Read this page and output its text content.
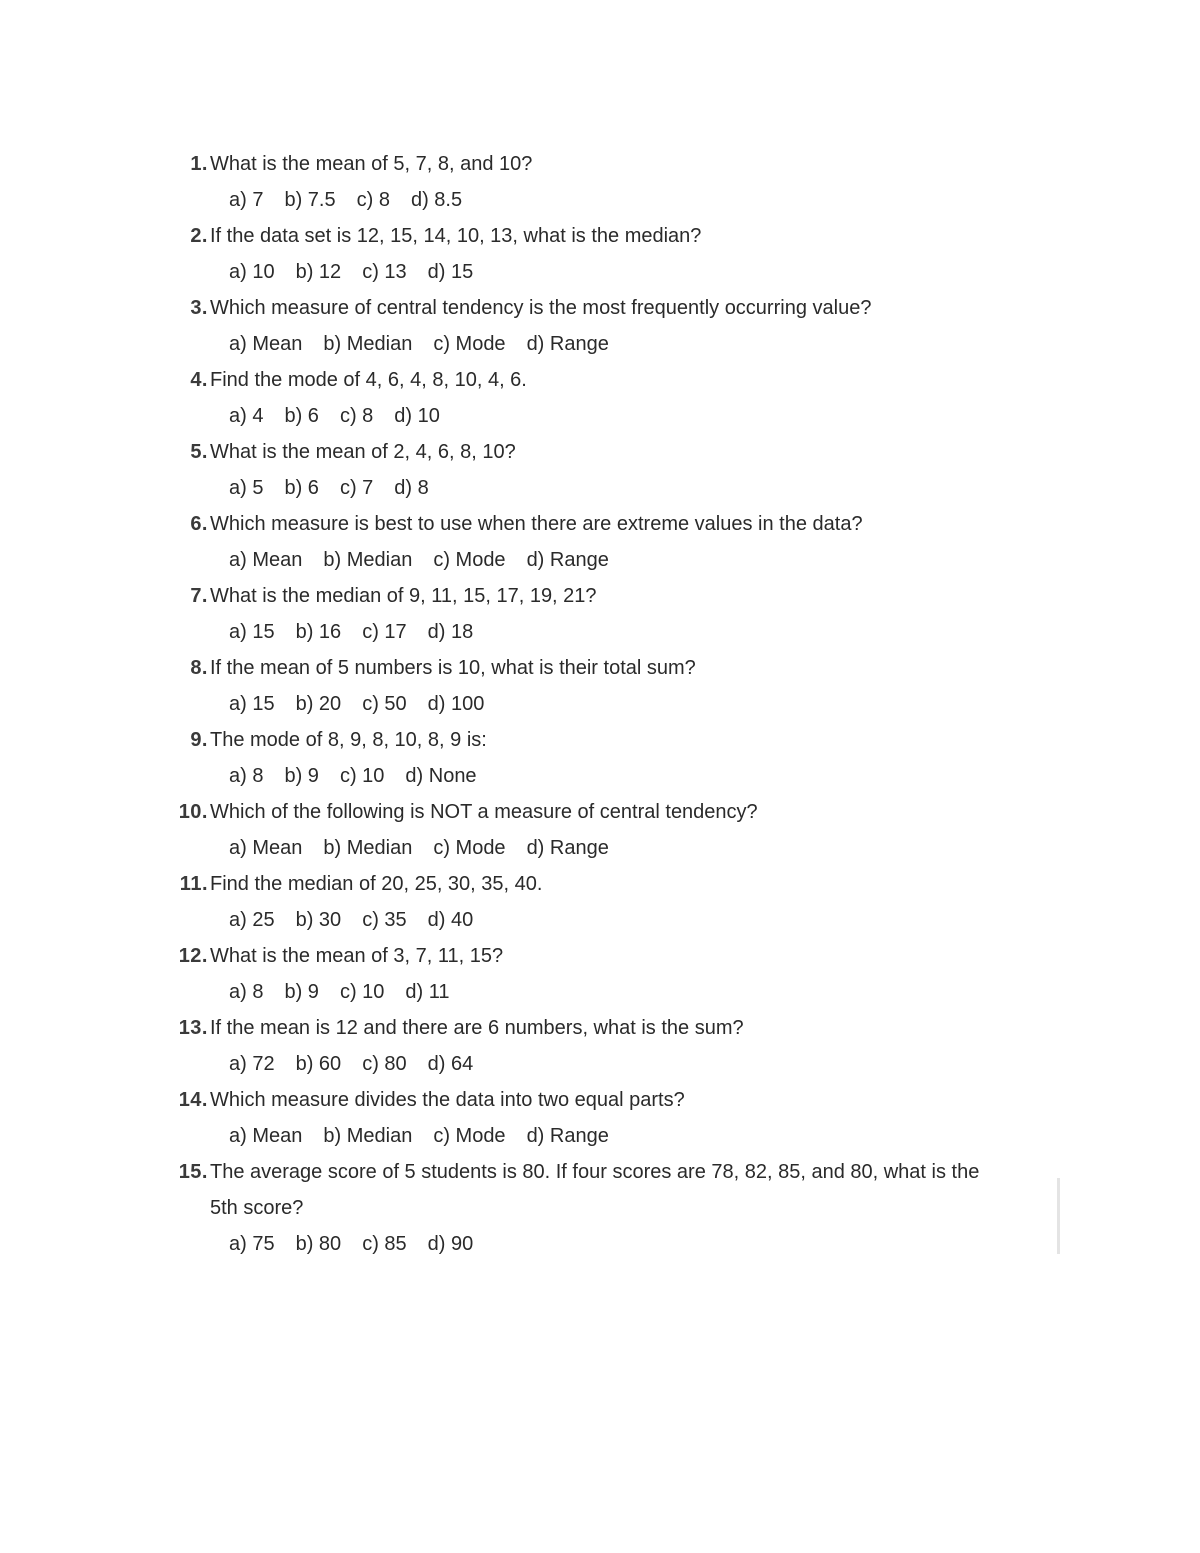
1. What is the mean of 5, 7, 8, and 10?
a) 7 b) 7.5 c) 8 d) 8.5
2. If the data set is 12, 15, 14, 10, 13, what is the median?
a) 10 b) 12 c) 13 d) 15
3. Which measure of central tendency is the most frequently occurring value?
a) Mean b) Median c) Mode d) Range
4. Find the mode of 4, 6, 4, 8, 10, 4, 6.
a) 4 b) 6 c) 8 d) 10
5. What is the mean of 2, 4, 6, 8, 10?
a) 5 b) 6 c) 7 d) 8
6. Which measure is best to use when there are extreme values in the data?
a) Mean b) Median c) Mode d) Range
7. What is the median of 9, 11, 15, 17, 19, 21?
a) 15 b) 16 c) 17 d) 18
8. If the mean of 5 numbers is 10, what is their total sum?
a) 15 b) 20 c) 50 d) 100
9. The mode of 8, 9, 8, 10, 8, 9 is:
a) 8 b) 9 c) 10 d) None
10. Which of the following is NOT a measure of central tendency?
a) Mean b) Median c) Mode d) Range
11. Find the median of 20, 25, 30, 35, 40.
a) 25 b) 30 c) 35 d) 40
12. What is the mean of 3, 7, 11, 15?
a) 8 b) 9 c) 10 d) 11
13. If the mean is 12 and there are 6 numbers, what is the sum?
a) 72 b) 60 c) 80 d) 64
14. Which measure divides the data into two equal parts?
a) Mean b) Median c) Mode d) Range
15. The average score of 5 students is 80. If four scores are 78, 82, 85, and 80, what is the 5th score?
a) 75 b) 80 c) 85 d) 90
